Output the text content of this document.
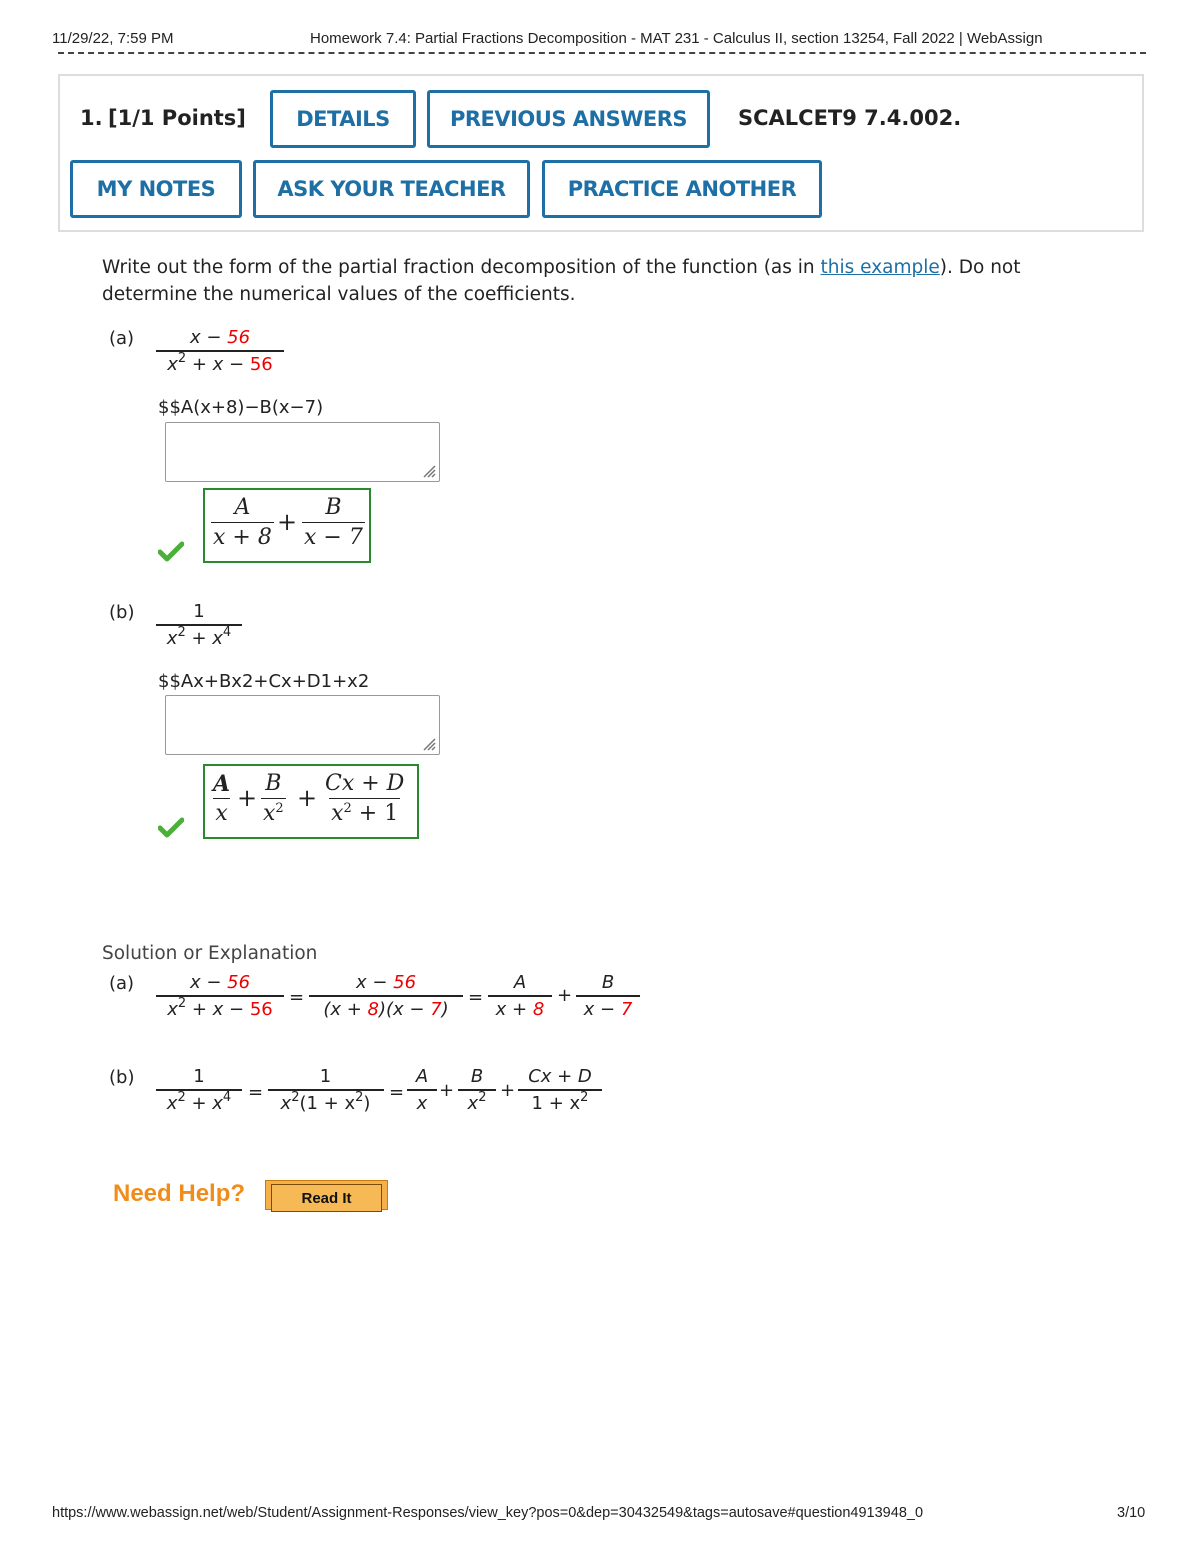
11/29/22, 7:59 PM	Homework 7.4: Partial Fractions Decomposition - MAT 231 - Calculus II, section 13254, Fall 2022 | WebAssign
1. [1/1 Points]	DETAILS	PREVIOUS ANSWERS	SCALCET9 7.4.002.
MY NOTES	ASK YOUR TEACHER	PRACTICE ANOTHER
Write out the form of the partial fraction decomposition of the function (as in this example). Do not
determine the numerical values of the coefficients.
$(a) \frac{x - 56}{x^2 + x - 56}$
$$A(x+8)−B(x−7)
$\frac{A}{x + 8} + \frac{B}{x - 7}$
$(b) \frac{1}{x^2 + x^4}$
$$Ax+Bx2+Cx+D1+x2
$\frac{A}{x} + \frac{B}{x^2} + \frac{Cx + D}{x^2 + 1}$
Solution or Explanation
$(a) \frac{x - 56}{x^2 + x - 56} = \frac{x - 56}{(x + 8)(x - 7)} = \frac{A}{x + 8} + \frac{B}{x - 7}$
$(b) \frac{1}{x^2 + x^4} = \frac{1}{x^2(1 + x^2)} = \frac{A}{x} + \frac{B}{x^2} + \frac{Cx + D}{1 + x^2}$
Need Help?	Read It
https://www.webassign.net/web/Student/Assignment-Responses/view_key?pos=0&dep=30432549&tags=autosave#question4913948_0	3/10
